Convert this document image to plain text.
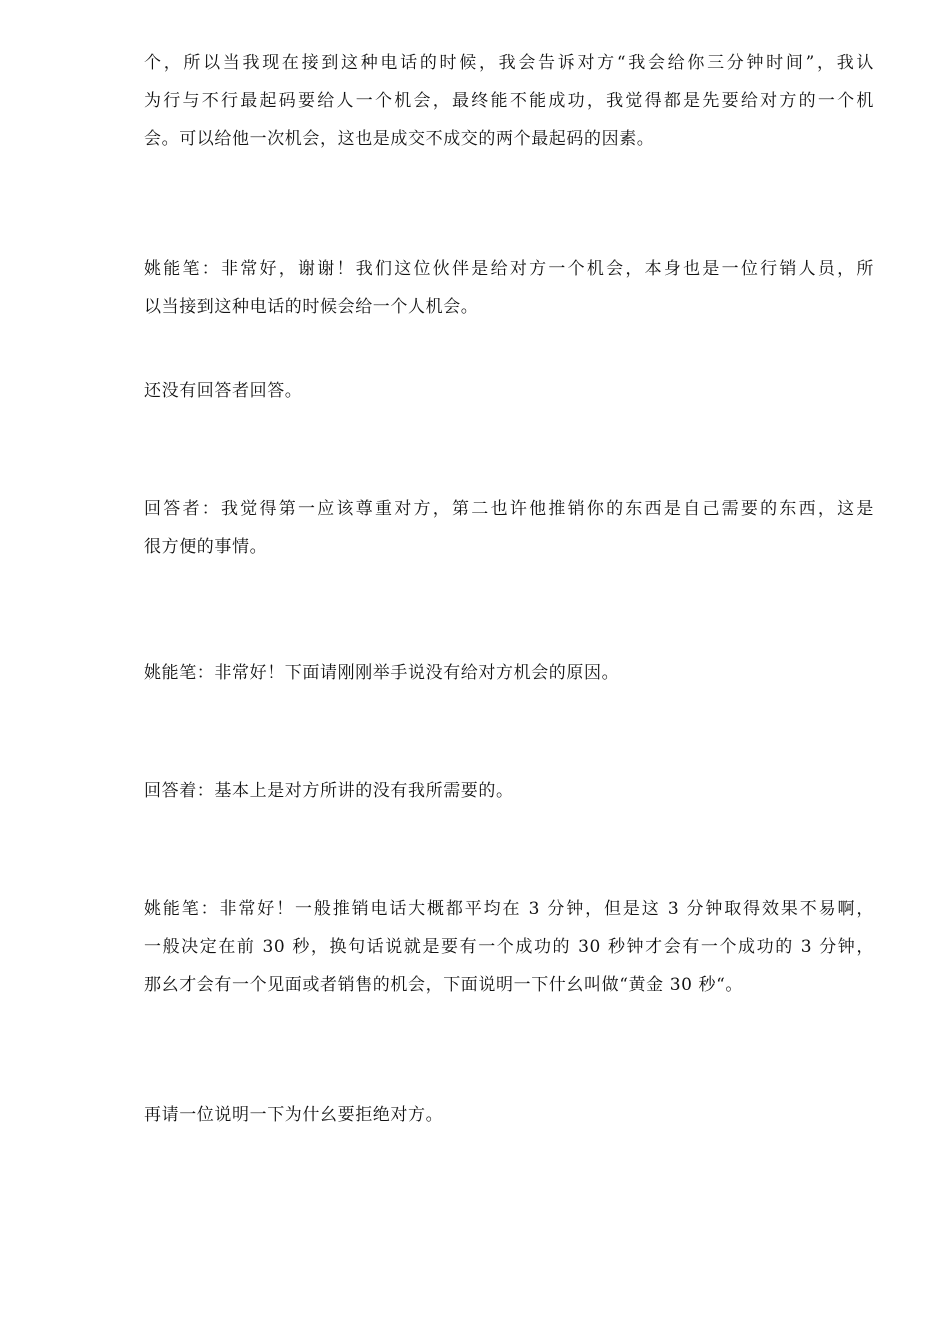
个，所以当我现在接到这种电话的时候，我会告诉对方“我会给你三分钟时间”，我认
为行与不行最起码要给人一个机会，最终能不能成功，我觉得都是先要给对方的一个机
会。可以给他一次机会，这也是成交不成交的两个最起码的因素。

姚能笔：非常好，谢谢！我们这位伙伴是给对方一个机会，本身也是一位行销人员，所
以当接到这种电话的时候会给一个人机会。

还没有回答者回答。

回答者：我觉得第一应该尊重对方，第二也许他推销你的东西是自己需要的东西，这是
很方便的事情。

姚能笔：非常好！下面请刚刚举手说没有给对方机会的原因。

回答着：基本上是对方所讲的没有我所需要的。

姚能笔：非常好！一般推销电话大概都平均在 3 分钟，但是这 3 分钟取得效果不易啊，
一般决定在前 30 秒，换句话说就是要有一个成功的 30 秒钟才会有一个成功的 3 分钟，
那幺才会有一个见面或者销售的机会，下面说明一下什幺叫做“黄金 30 秒“。

再请一位说明一下为什幺要拒绝对方。
